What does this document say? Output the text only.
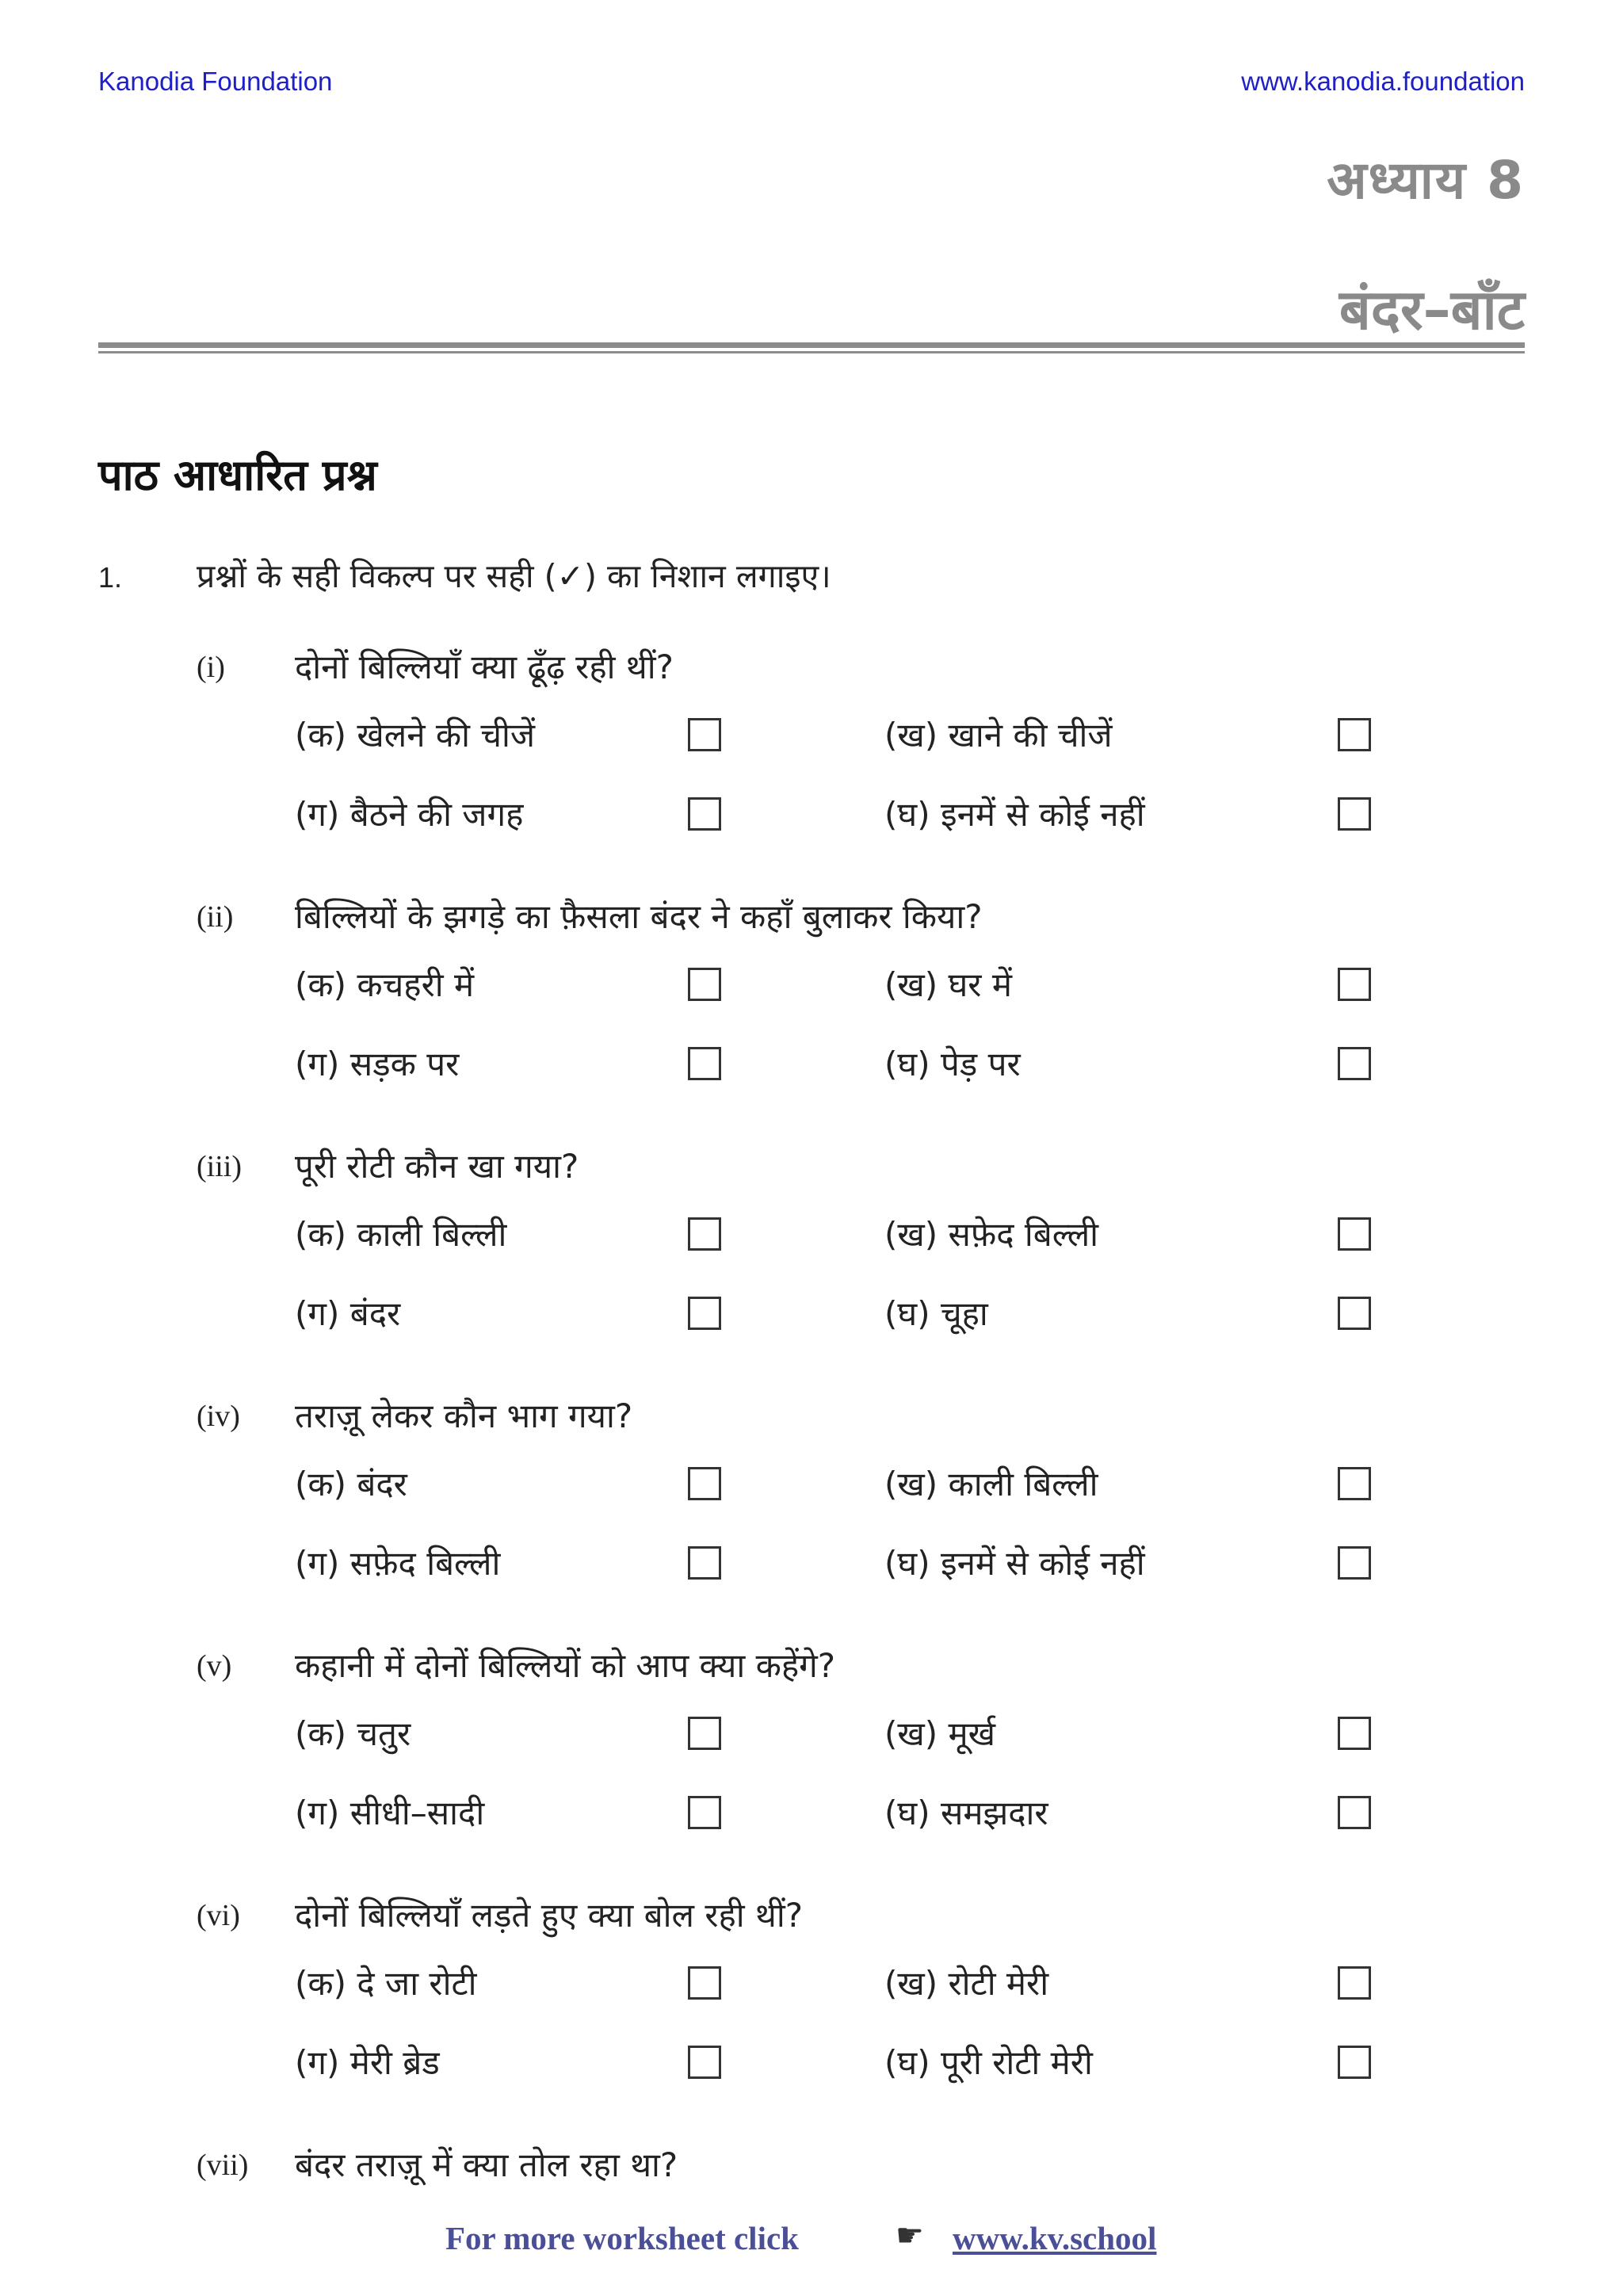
Kanodia Foundation	www.kanodia.foundation
अध्याय 8
बंदर–बाँट
पाठ आधारित प्रश्न
1. प्रश्नों के सही विकल्प पर सही (✓) का निशान लगाइए।
(i) दोनों बिल्लियाँ क्या ढूँढ़ रही थीं?
(क) खेलने की चीजें	(ख) खाने की चीजें
(ग) बैठने की जगह	(घ) इनमें से कोई नहीं
(ii) बिल्लियों के झगड़े का फ़ैसला बंदर ने कहाँ बुलाकर किया?
(क) कचहरी में	(ख) घर में
(ग) सड़क पर	(घ) पेड़ पर
(iii) पूरी रोटी कौन खा गया?
(क) काली बिल्ली	(ख) सफ़ेद बिल्ली
(ग) बंदर	(घ) चूहा
(iv) तराज़ू लेकर कौन भाग गया?
(क) बंदर	(ख) काली बिल्ली
(ग) सफ़ेद बिल्ली	(घ) इनमें से कोई नहीं
(v) कहानी में दोनों बिल्लियों को आप क्या कहेंगे?
(क) चतुर	(ख) मूर्ख
(ग) सीधी–सादी	(घ) समझदार
(vi) दोनों बिल्लियाँ लड़ते हुए क्या बोल रही थीं?
(क) दे जा रोटी	(ख) रोटी मेरी
(ग) मेरी ब्रेड	(घ) पूरी रोटी मेरी
(vii) बंदर तराज़ू में क्या तोल रहा था?
For more worksheet click	☛ www.kv.school
